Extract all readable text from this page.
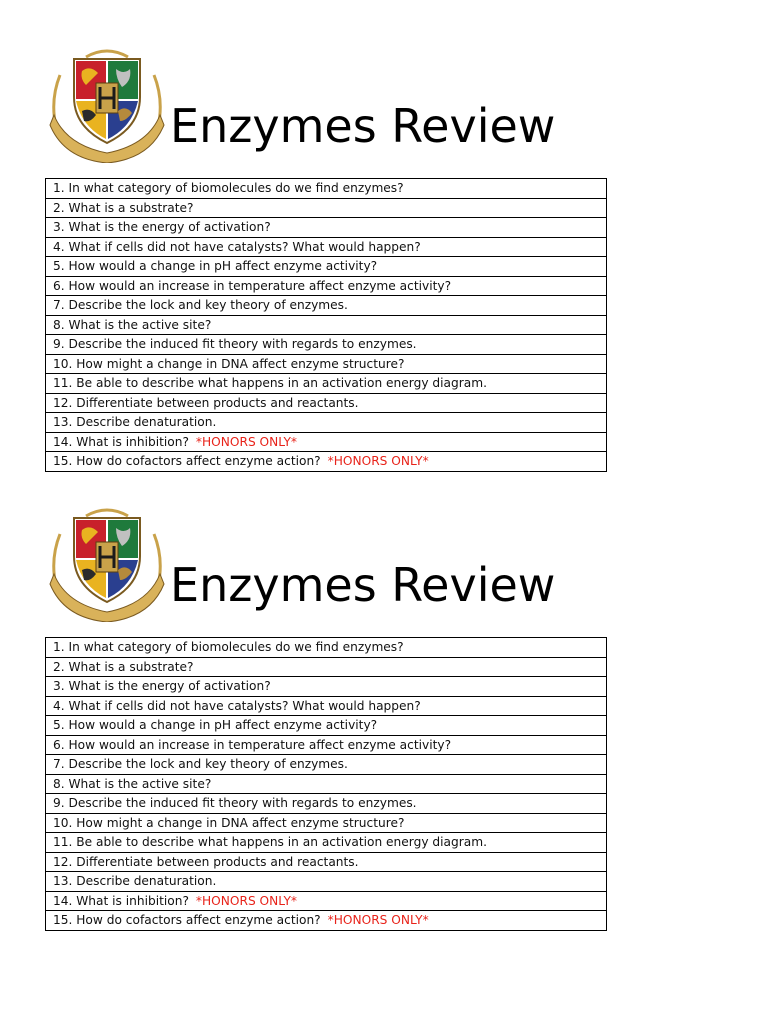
Enzymes Review
1. In what category of biomolecules do we find enzymes?
2. What is a substrate?
3. What is the energy of activation?
4. What if cells did not have catalysts? What would happen?
5. How would a change in pH affect enzyme activity?
6. How would an increase in temperature affect enzyme activity?
7. Describe the lock and key theory of enzymes.
8. What is the active site?
9. Describe the induced fit theory with regards to enzymes.
10. How might a change in DNA affect enzyme structure?
11. Be able to describe what happens in an activation energy diagram.
12. Differentiate between products and reactants.
13. Describe denaturation.
14. What is inhibition? *HONORS ONLY*
15. How do cofactors affect enzyme action? *HONORS ONLY*
Enzymes Review
1. In what category of biomolecules do we find enzymes?
2. What is a substrate?
3. What is the energy of activation?
4. What if cells did not have catalysts? What would happen?
5. How would a change in pH affect enzyme activity?
6. How would an increase in temperature affect enzyme activity?
7. Describe the lock and key theory of enzymes.
8. What is the active site?
9. Describe the induced fit theory with regards to enzymes.
10. How might a change in DNA affect enzyme structure?
11. Be able to describe what happens in an activation energy diagram.
12. Differentiate between products and reactants.
13. Describe denaturation.
14. What is inhibition? *HONORS ONLY*
15. How do cofactors affect enzyme action? *HONORS ONLY*
